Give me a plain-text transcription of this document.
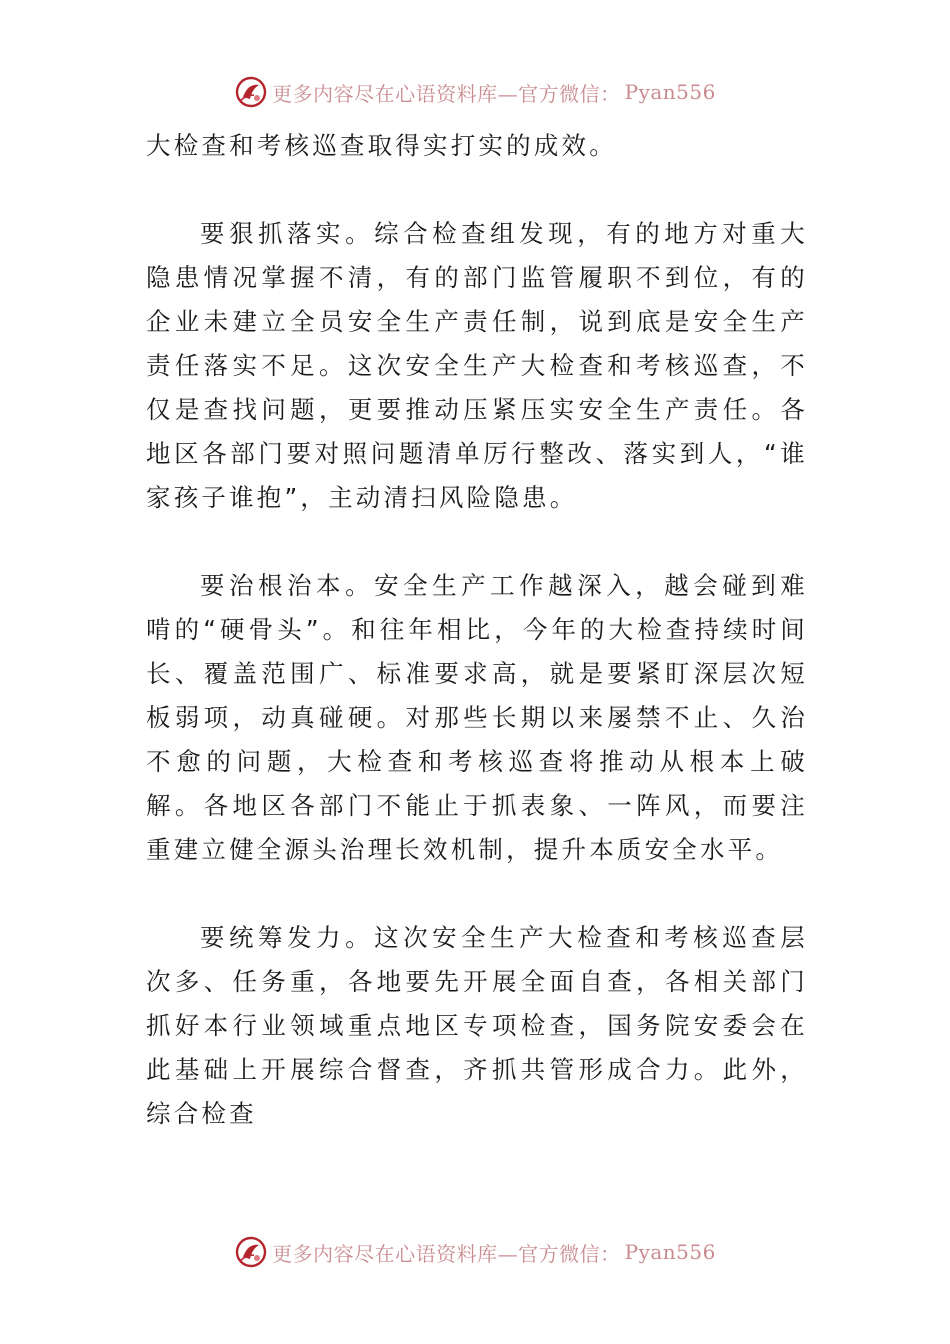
更多内容尽在心语资料库—官方微信： Pyan556

大检查和考核巡查取得实打实的成效。

要狠抓落实。综合检查组发现，有的地方对重大隐患情况掌握不清，有的部门监管履职不到位，有的企业未建立全员安全生产责任制，说到底是安全生产责任落实不足。这次安全生产大检查和考核巡查，不仅是查找问题，更要推动压紧压实安全生产责任。各地区各部门要对照问题清单厉行整改、落实到人，“谁家孩子谁抱”，主动清扫风险隐患。

要治根治本。安全生产工作越深入，越会碰到难啃的“硬骨头”。和往年相比，今年的大检查持续时间长、覆盖范围广、标准要求高，就是要紧盯深层次短板弱项，动真碰硬。对那些长期以来屡禁不止、久治不愈的问题，大检查和考核巡查将推动从根本上破解。各地区各部门不能止于抓表象、一阵风，而要注重建立健全源头治理长效机制，提升本质安全水平。

要统筹发力。这次安全生产大检查和考核巡查层次多、任务重，各地要先开展全面自查，各相关部门抓好本行业领域重点地区专项检查，国务院安委会在此基础上开展综合督查，齐抓共管形成合力。此外，综合检查

更多内容尽在心语资料库—官方微信： Pyan556
